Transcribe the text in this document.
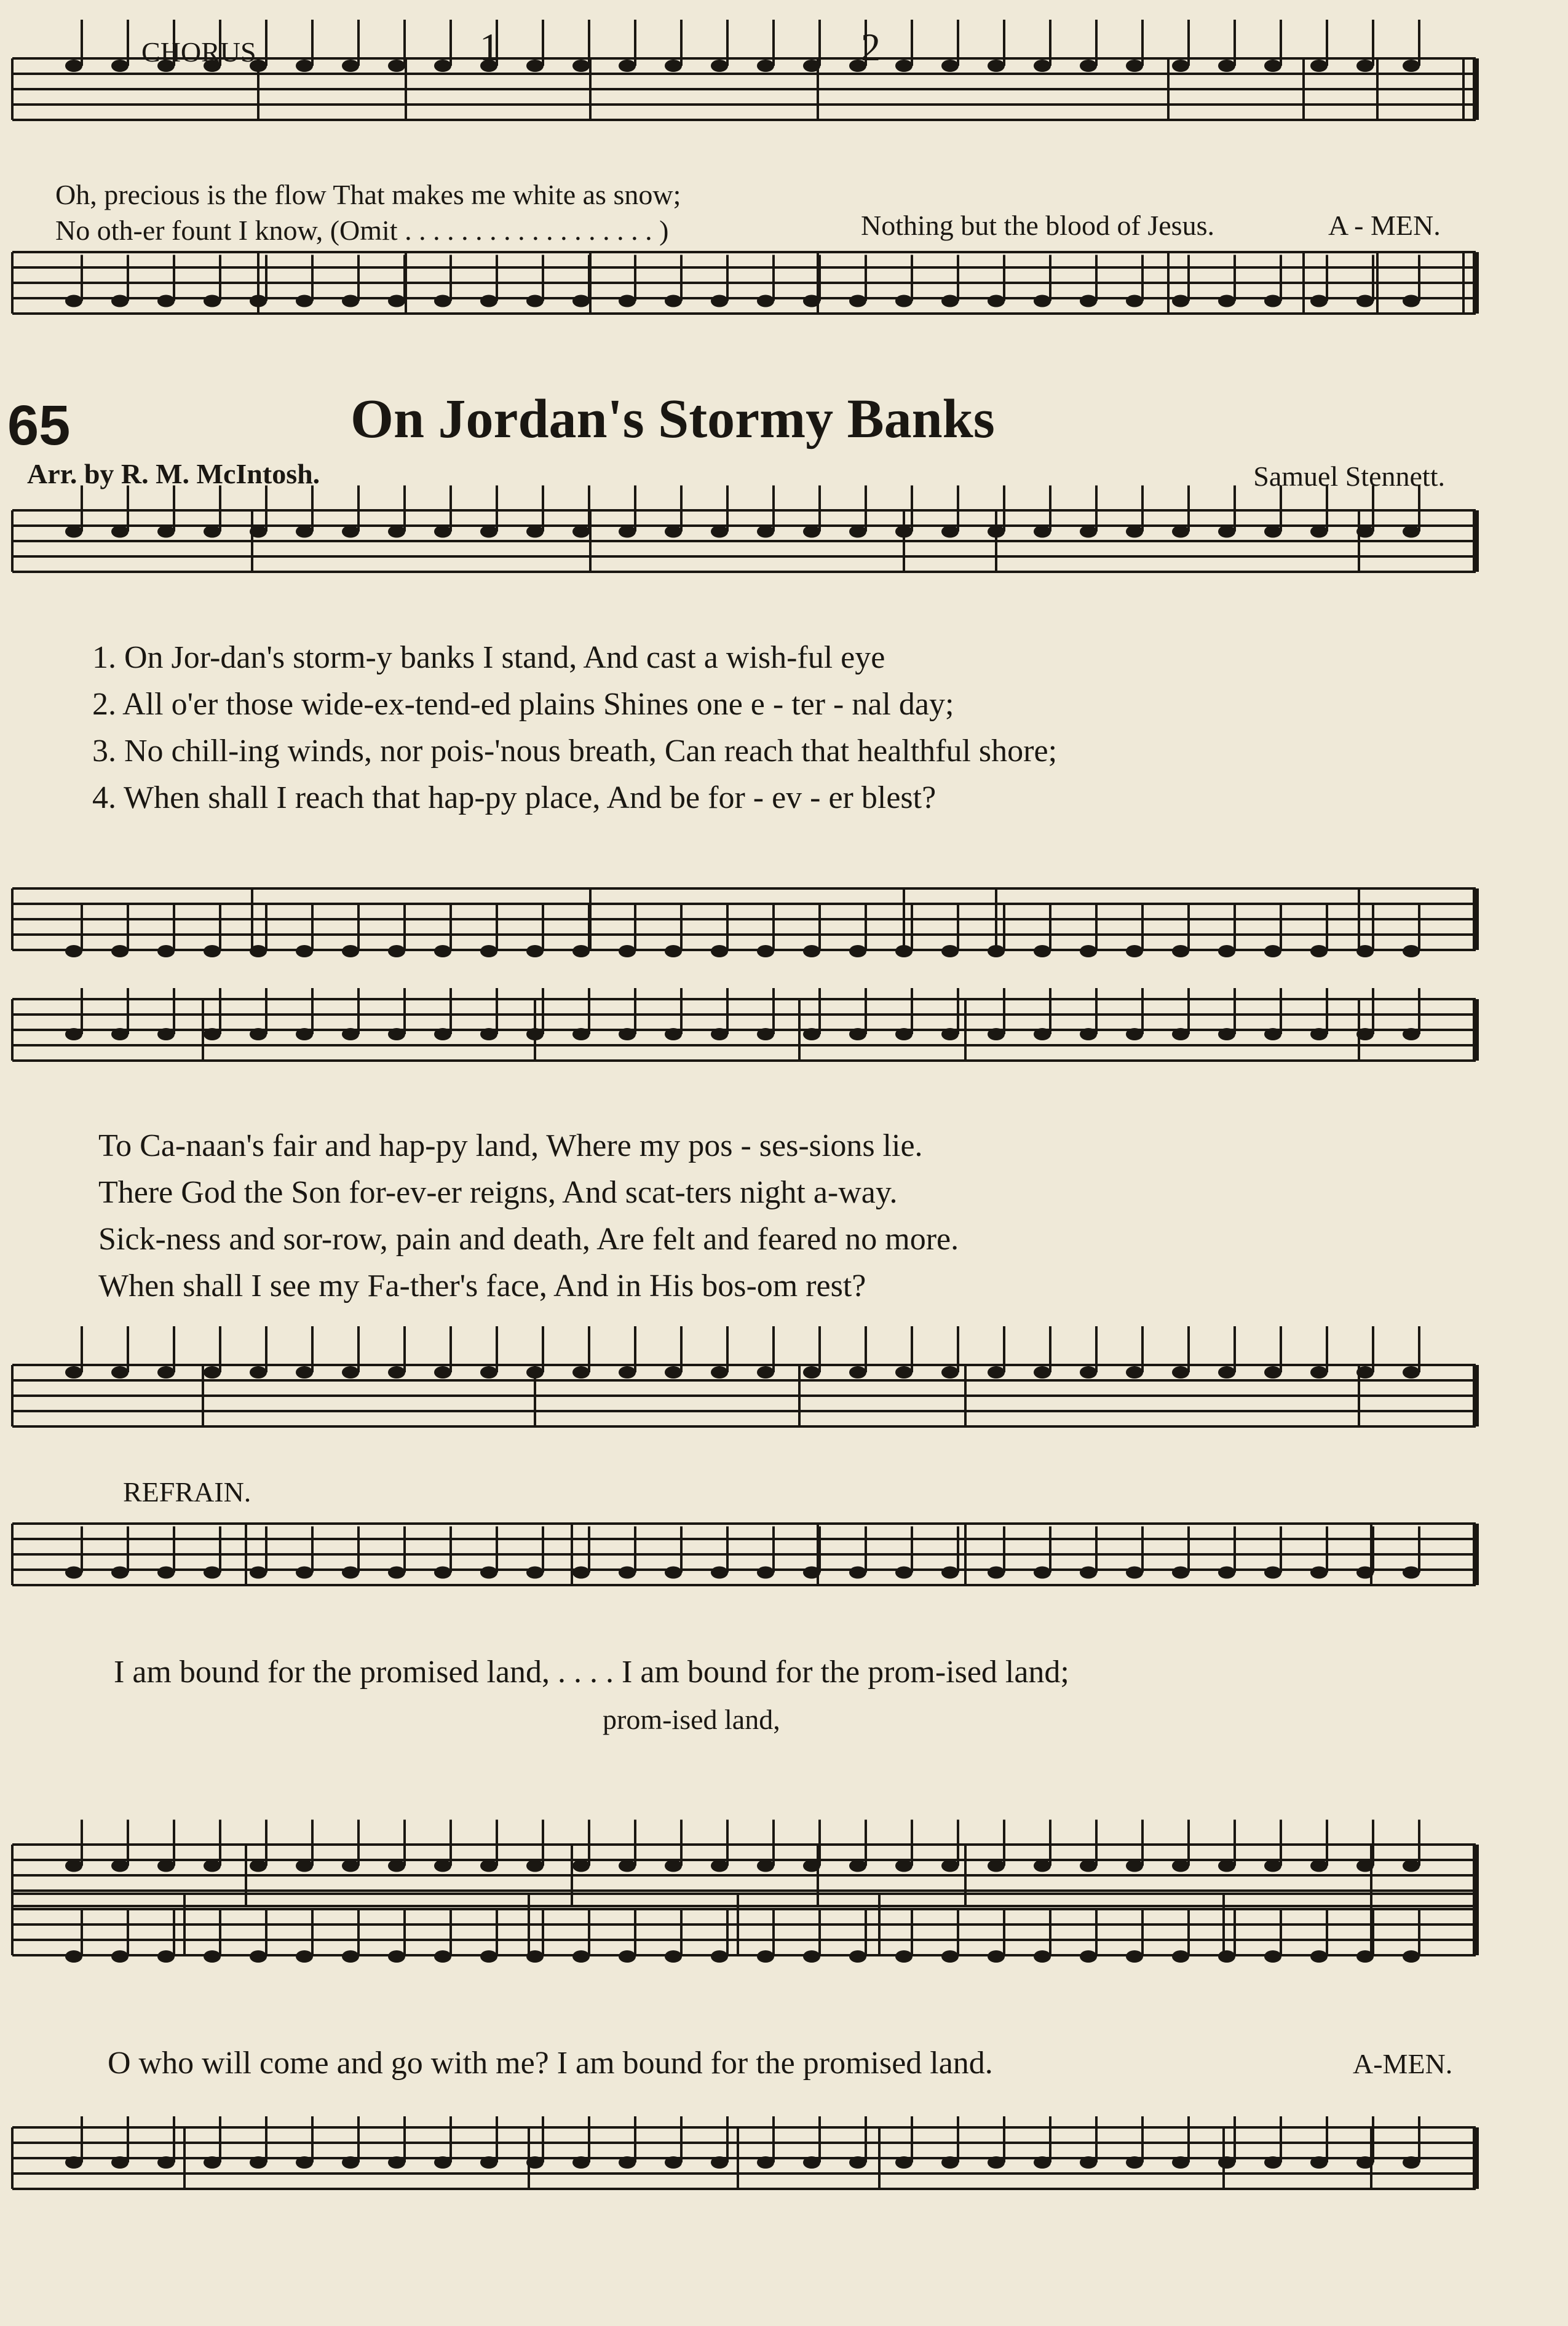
CHORUS	1	2
Oh, precious is the flow That makes me white as snow;
No oth-er fount I know, (Omit . . . . . . . . . . . . . . . . . . )	Nothing but the blood of Jesus.	A - MEN.
65	On Jordan's Stormy Banks
Arr. by R. M. McIntosh.	Samuel Stennett.
1. On Jor-dan's storm-y banks I stand, And cast a wish-ful eye
2. All o'er those wide-ex-tend-ed plains Shines one e - ter - nal day;
3. No chill-ing winds, nor pois-'nous breath, Can reach that healthful shore;
4. When shall I reach that hap-py place, And be for - ev - er blest?
To Ca-naan's fair and hap-py land, Where my pos - ses-sions lie.
There God the Son for-ev-er reigns, And scat-ters night a-way.
Sick-ness and sor-row, pain and death, Are felt and feared no more.
When shall I see my Fa-ther's face, And in His bos-om rest?
REFRAIN.
I am bound for the promised land, . . . . I am bound for the prom-ised land;
prom-ised land,
O who will come and go with me? I am bound for the promised land.	A-MEN.
